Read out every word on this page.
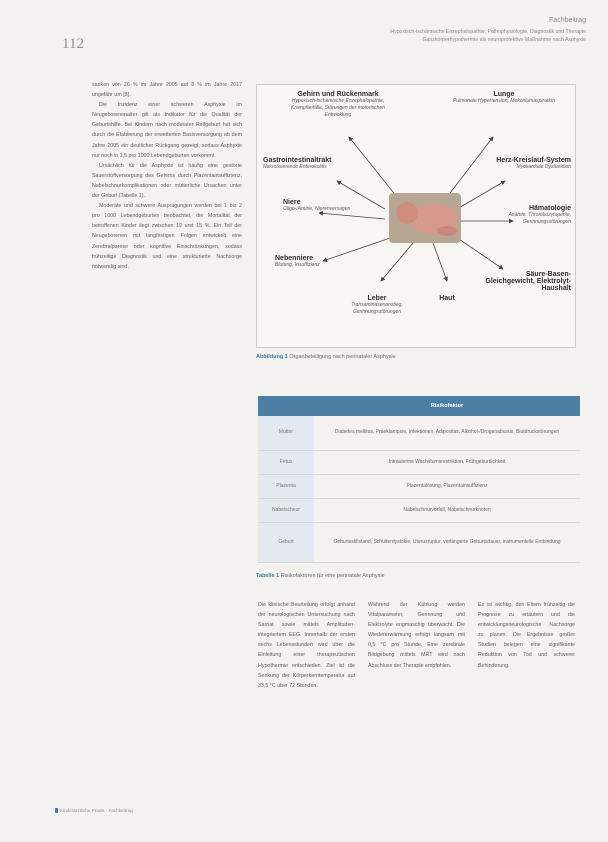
112
Fachbeitrag
Hypoxisch-ischämische Enzephalopathie: Pathophysiologie, Diagnostik und Therapie
Ganzkörperhypothermie als neuroprotektive Maßnahme nach Asphyxie

sanken von 26 % im Jahre 2005 auf 8 % im Jahre 2017 ungefähr um [8].

Die Inzidenz einer schweren Asphyxie im Neugeborenenalter gilt als Indikator für die Qualität der Geburtshilfe. Bei Kindern nach moderater Reifgeburt hat sich durch die Etablierung der erweiterten Basisversorgung ab dem Jahre 2005 ein deutlicher Rückgang gezeigt, sodass Asphyxie nur noch in 1,5 pro 1000 Lebendgeburten vorkommt.

Ursächlich für die Asphyxie ist häufig eine gestörte Sauerstoffversorgung des Gehirns durch Plazentainsuffizienz, Nabelschnurkomplikationen oder mütterliche Ursachen unter der Geburt (Tabelle 1).

Moderate und schwere Ausprägungen werden bei 1 bis 2 pro 1000 Lebendgeburten beobachtet, die Mortalität der betroffenen Kinder liegt zwischen 10 und 15 %. Ein Teil der Neugeborenen mit langfristigen Folgen entwickelt eine Zerebralparese oder kognitive Einschränkungen, sodass frühzeitige Diagnostik und eine strukturierte Nachsorge notwendig sind.

Gehirn und Rückenmark
Hypoxisch-ischämische Enzephalopathie, Krampfanfälle, Störungen der motorischen Entwicklung
Lunge
Pulmonale Hypertension, Mekoniumaspiration
Gastrointestinaltrakt
Nekrotisierende Enterokolitis
Herz-Kreislauf-System
Myokardiale Dysfunktion
Niere
Oligo-/Anurie, Nierenversagen	Hämatologie
Anämie, Thrombozytopenie, Gerinnungsstörungen
Nebenniere
Blutung, Insuffizienz
Säure-Basen-Gleichgewicht, Elektrolyt-Haushalt
Leber
Transaminasenanstieg, Gerinnungsstörungen
Haut
Abbildung 1 Organbeteiligung nach perinataler Asphyxie
	Risikofaktor
Mutter	Diabetes mellitus, Präeklampsie, Infektionen, Adipositas, Alkohol-/Drogenabusus, Blutdruckstörungen
Fetus	Intrauterine Wachstumsrestriktion, Frühgeburtlichkeit
Plazenta	Plazentalösung, Plazentainsuffizienz
Nabelschnur	Nabelschnurvorfall, Nabelschnurknoten
Geburt	Geburtsstillstand, Schulterdystokie, Uterusruptur, verlängerte Geburtsdauer, instrumentelle Entbindung
Tabelle 1 Risikofaktoren für eine perinatale Asphyxie
Die klinische Beurteilung erfolgt anhand der neurologischen Untersuchung nach Sarnat sowie mittels Amplituden-integriertem EEG. Innerhalb der ersten sechs Lebensstunden wird über die Einleitung einer therapeutischen Hypothermie entschieden. Ziel ist die Senkung der Körperkerntemperatur auf 33,5 °C über 72 Stunden.
Während der Kühlung werden Vitalparameter, Gerinnung und Elektrolyte engmaschig überwacht. Die Wiedererwärmung erfolgt langsam mit 0,5 °C pro Stunde. Eine zerebrale Bildgebung mittels MRT wird nach Abschluss der Therapie empfohlen.
Es ist wichtig, den Eltern frühzeitig die Prognose zu erläutern und die entwicklungsneurologische Nachsorge zu planen. Die Ergebnisse großer Studien belegen eine signifikante Reduktion von Tod und schwerer Behinderung.
Kinderärztliche Praxis · Fachbeitrag
